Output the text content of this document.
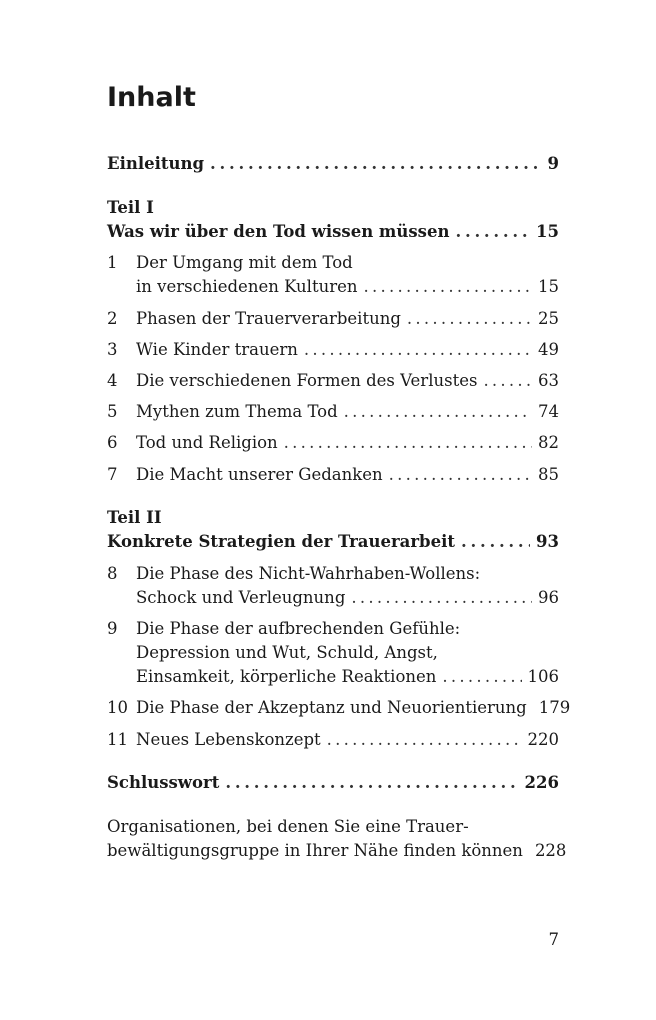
Inhalt
Einleitung . . .	9
Teil I
Was wir über den Tod wissen müssen . . .	15
1	Der Umgang mit dem Tod
in verschiedenen Kulturen . . .	15
2	Phasen der Trauerverarbeitung . . .	25
3	Wie Kinder trauern . . .	49
4	Die verschiedenen Formen des Verlustes . . .	63
5	Mythen zum Thema Tod . . .	74
6	Tod und Religion . . .	82
7	Die Macht unserer Gedanken . . .	85
Teil II
Konkrete Strategien der Trauerarbeit . . .	93
8	Die Phase des Nicht-Wahrhaben-Wollens:
Schock und Verleugnung . . .	96
9	Die Phase der aufbrechenden Gefühle:
Depression und Wut, Schuld, Angst,
Einsamkeit, körperliche Reaktionen . . .	106
10 Die Phase der Akzeptanz und Neuorientierung 179
11 Neues Lebenskonzept . . .	220
Schlusswort . . .	226
Organisationen, bei denen Sie eine Trauer-
bewältigungsgruppe in Ihrer Nähe finden können 228
7
